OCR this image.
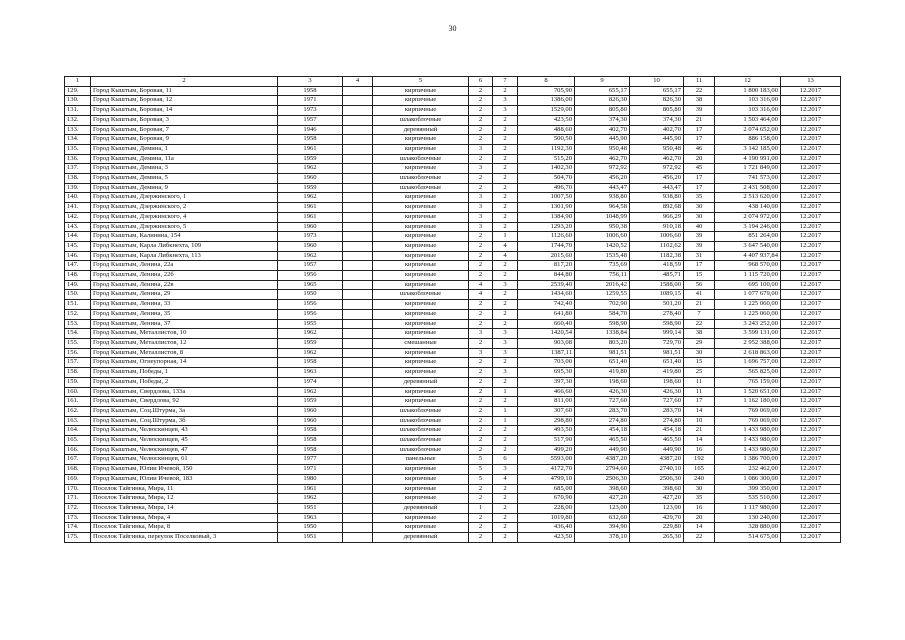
30
1	2	3	4	5	6	7	8	9	10	11	12	13
129.	Город Кыштым, Боровая, 11	1958		кирпичные	2	2	705,90	655,17	655,17	22	1 800 183,00	12.2017
130.	Город Кыштым, Боровая, 12	1971		кирпичные	2	3	1386,00	826,30	826,30	38	103 316,00	12.2017
131.	Город Кыштым, Боровая, 14	1973		кирпичные	2	3	1529,00	805,80	805,80	39	103 316,00	12.2017
132.	Город Кыштым, Боровая, 3	1957		шлакоблочные	2	2	423,50	374,30	374,30	21	1 503 464,00	12.2017
133.	Город Кыштым, Боровая, 7	1946		деревянный	2	2	488,60	402,70	402,70	17	2 074 652,00	12.2017
134.	Город Кыштым, Боровая, 9	1958		кирпичные	2	2	500,50	445,90	445,90	17	886 158,00	12.2017
135.	Город Кыштым, Демина, 1	1961		кирпичные	3	2	1192,30	950,48	950,48	46	3 142 185,00	12.2017
136.	Город Кыштым, Демина, 11а	1959		шлакоблочные	2	2	515,20	462,70	462,70	20	4 190 991,00	12.2017
137.	Город Кыштым, Демина, 3	1962		кирпичные	3	2	1402,30	972,92	972,92	45	1 721 849,00	12.2017
138.	Город Кыштым, Демина, 5	1960		шлакоблочные	2	2	504,70	456,20	456,20	17	741 573,00	12.2017
139.	Город Кыштым, Демина, 9	1959		шлакоблочные	2	2	496,70	443,47	443,47	17	2 431 508,00	12.2017
140.	Город Кыштым, Дзержинского, 1	1962		кирпичные	3	2	1007,50	938,80	938,80	35	2 513 620,00	12.2017
141.	Город Кыштым, Дзержинского, 2	1961		кирпичные	3	2	1301,90	964,58	892,68	30	438 140,00	12.2017
142.	Город Кыштым, Дзержинского, 4	1961		кирпичные	3	2	1384,90	1048,99	966,29	30	2 074 972,00	12.2017
143.	Город Кыштым, Дзержинского, 5	1960		кирпичные	3	2	1293,20	950,38	910,18	40	3 194 246,00	12.2017
144.	Город Кыштым, Калинина, 154	1973		кирпичные	2	1	1126,60	1006,60	1006,60	39	851 264,00	12.2017
145.	Город Кыштым, Карла Либкнехта, 109	1960		кирпичные	2	4	1744,70	1420,52	1102,62	39	3 647 540,00	12.2017
146.	Город Кыштым, Карла Либкнехта, 113	1962		кирпичные	2	4	2015,60	1535,48	1182,38	31	4 407 937,84	12.2017
147.	Город Кыштым, Ленина, 22а	1957		кирпичные	2	2	817,20	735,69	418,59	17	968 570,00	12.2017
148.	Город Кыштым, Ленина, 22б	1956		кирпичные	2	2	844,80	756,11	485,71	15	1 115 720,00	12.2017
149.	Город Кыштым, Ленина, 22в	1965		кирпичные	4	3	2539,40	2016,42	1588,00	56	695 100,00	12.2017
150.	Город Кыштым, Ленина, 29	1950		шлакоблочные	4	2	1434,60	1259,55	1089,15	41	1 077 679,00	12.2017
151.	Город Кыштым, Ленина, 33	1956		кирпичные	2	2	742,40	702,90	501,20	21	1 225 060,00	12.2017
152.	Город Кыштым, Ленина, 35	1956		кирпичные	2	2	641,80	584,70	278,40	7	1 225 060,00	12.2017
153.	Город Кыштым, Ленина, 37	1955		кирпичные	2	2	660,40	598,90	598,90	22	3 243 252,00	12.2017
154.	Город Кыштым, Металлистов, 10	1962		кирпичные	3	3	1420,54	1338,84	999,14	38	3 599 131,00	12.2017
155.	Город Кыштым, Металлистов, 12	1959		смешанные	2	3	903,08	803,20	729,70	29	2 952 388,00	12.2017
156.	Город Кыштым, Металлистов, 8	1962		кирпичные	3	3	1387,11	981,51	981,51	30	2 618 863,00	12.2017
157.	Город Кыштым, Огнеупорная, 14	1958		кирпичные	2	2	703,00	651,40	651,40	15	1 696 757,00	12.2017
158.	Город Кыштым, Победы, 1	1963		кирпичные	2	3	695,30	419,80	419,80	25	565 825,00	12.2017
159.	Город Кыштым, Победы, 2	1974		деревянный	2	2	397,30	198,60	198,60	11	765 159,00	12.2017
160.	Город Кыштым, Свердлова, 133а	1962		кирпичные	2	1	466,60	426,30	426,30	11	1 520 651,00	12.2017
161.	Город Кыштым, Свердлова, 92	1959		кирпичные	2	2	811,00	727,60	727,60	17	1 162 180,00	12.2017
162.	Город Кыштым, Соц.Штурма, 3а	1960		шлакоблочные	2	1	307,60	283,70	283,70	14	769 069,00	12.2017
163.	Город Кыштым, Соц.Штурма, 3б	1960		шлакоблочные	2	1	298,80	274,80	274,80	10	769 069,00	12.2017
164.	Город Кыштым, Челюскинцев, 43	1958		шлакоблочные	2	2	493,50	454,18	454,18	21	1 433 980,00	12.2017
165.	Город Кыштым, Челюскинцев, 45	1958		шлакоблочные	2	2	517,90	465,50	465,50	14	1 433 980,00	12.2017
166.	Город Кыштым, Челюскинцев, 47	1958		шлакоблочные	2	2	499,20	449,90	449,90	16	1 433 980,00	12.2017
167.	Город Кыштым, Челюскинцев, 61	1977		панельные	5	6	5593,00	4387,20	4387,20	192	1 386 700,00	12.2017
168.	Город Кыштым, Юлии Ичевой, 150	1971		кирпичные	5	3	4172,70	2794,60	2740,10	165	232 462,00	12.2017
169.	Город Кыштым, Юлии Ичевой, 183	1980		кирпичные	5	4	4799,10	2506,30	2506,30	240	1 086 300,00	12.2017
170.	Поселок Тайгинка, Мира, 11	1961		кирпичные	2	2	685,00	398,60	398,60	30	399 350,00	12.2017
171.	Поселок Тайгинка, Мира, 12	1962		кирпичные	2	2	670,90	427,20	427,20	35	535 510,00	12.2017
172.	Поселок Тайгинка, Мира, 14	1951		деревянный	1	2	228,00	123,00	123,00	16	1 117 980,00	12.2017
173.	Поселок Тайгинка, Мира, 4	1963		кирпичные	2	2	1019,80	632,60	429,70	20	130 240,00	12.2017
174.	Поселок Тайгинка, Мира, 8	1950		кирпичные	2	2	436,40	394,90	229,80	14	328 880,00	12.2017
175.	Поселок Тайгинка, переулок Поселковый, 3	1951		деревянный	2	2	423,50	378,10	265,30	22	514 675,00	12.2017
